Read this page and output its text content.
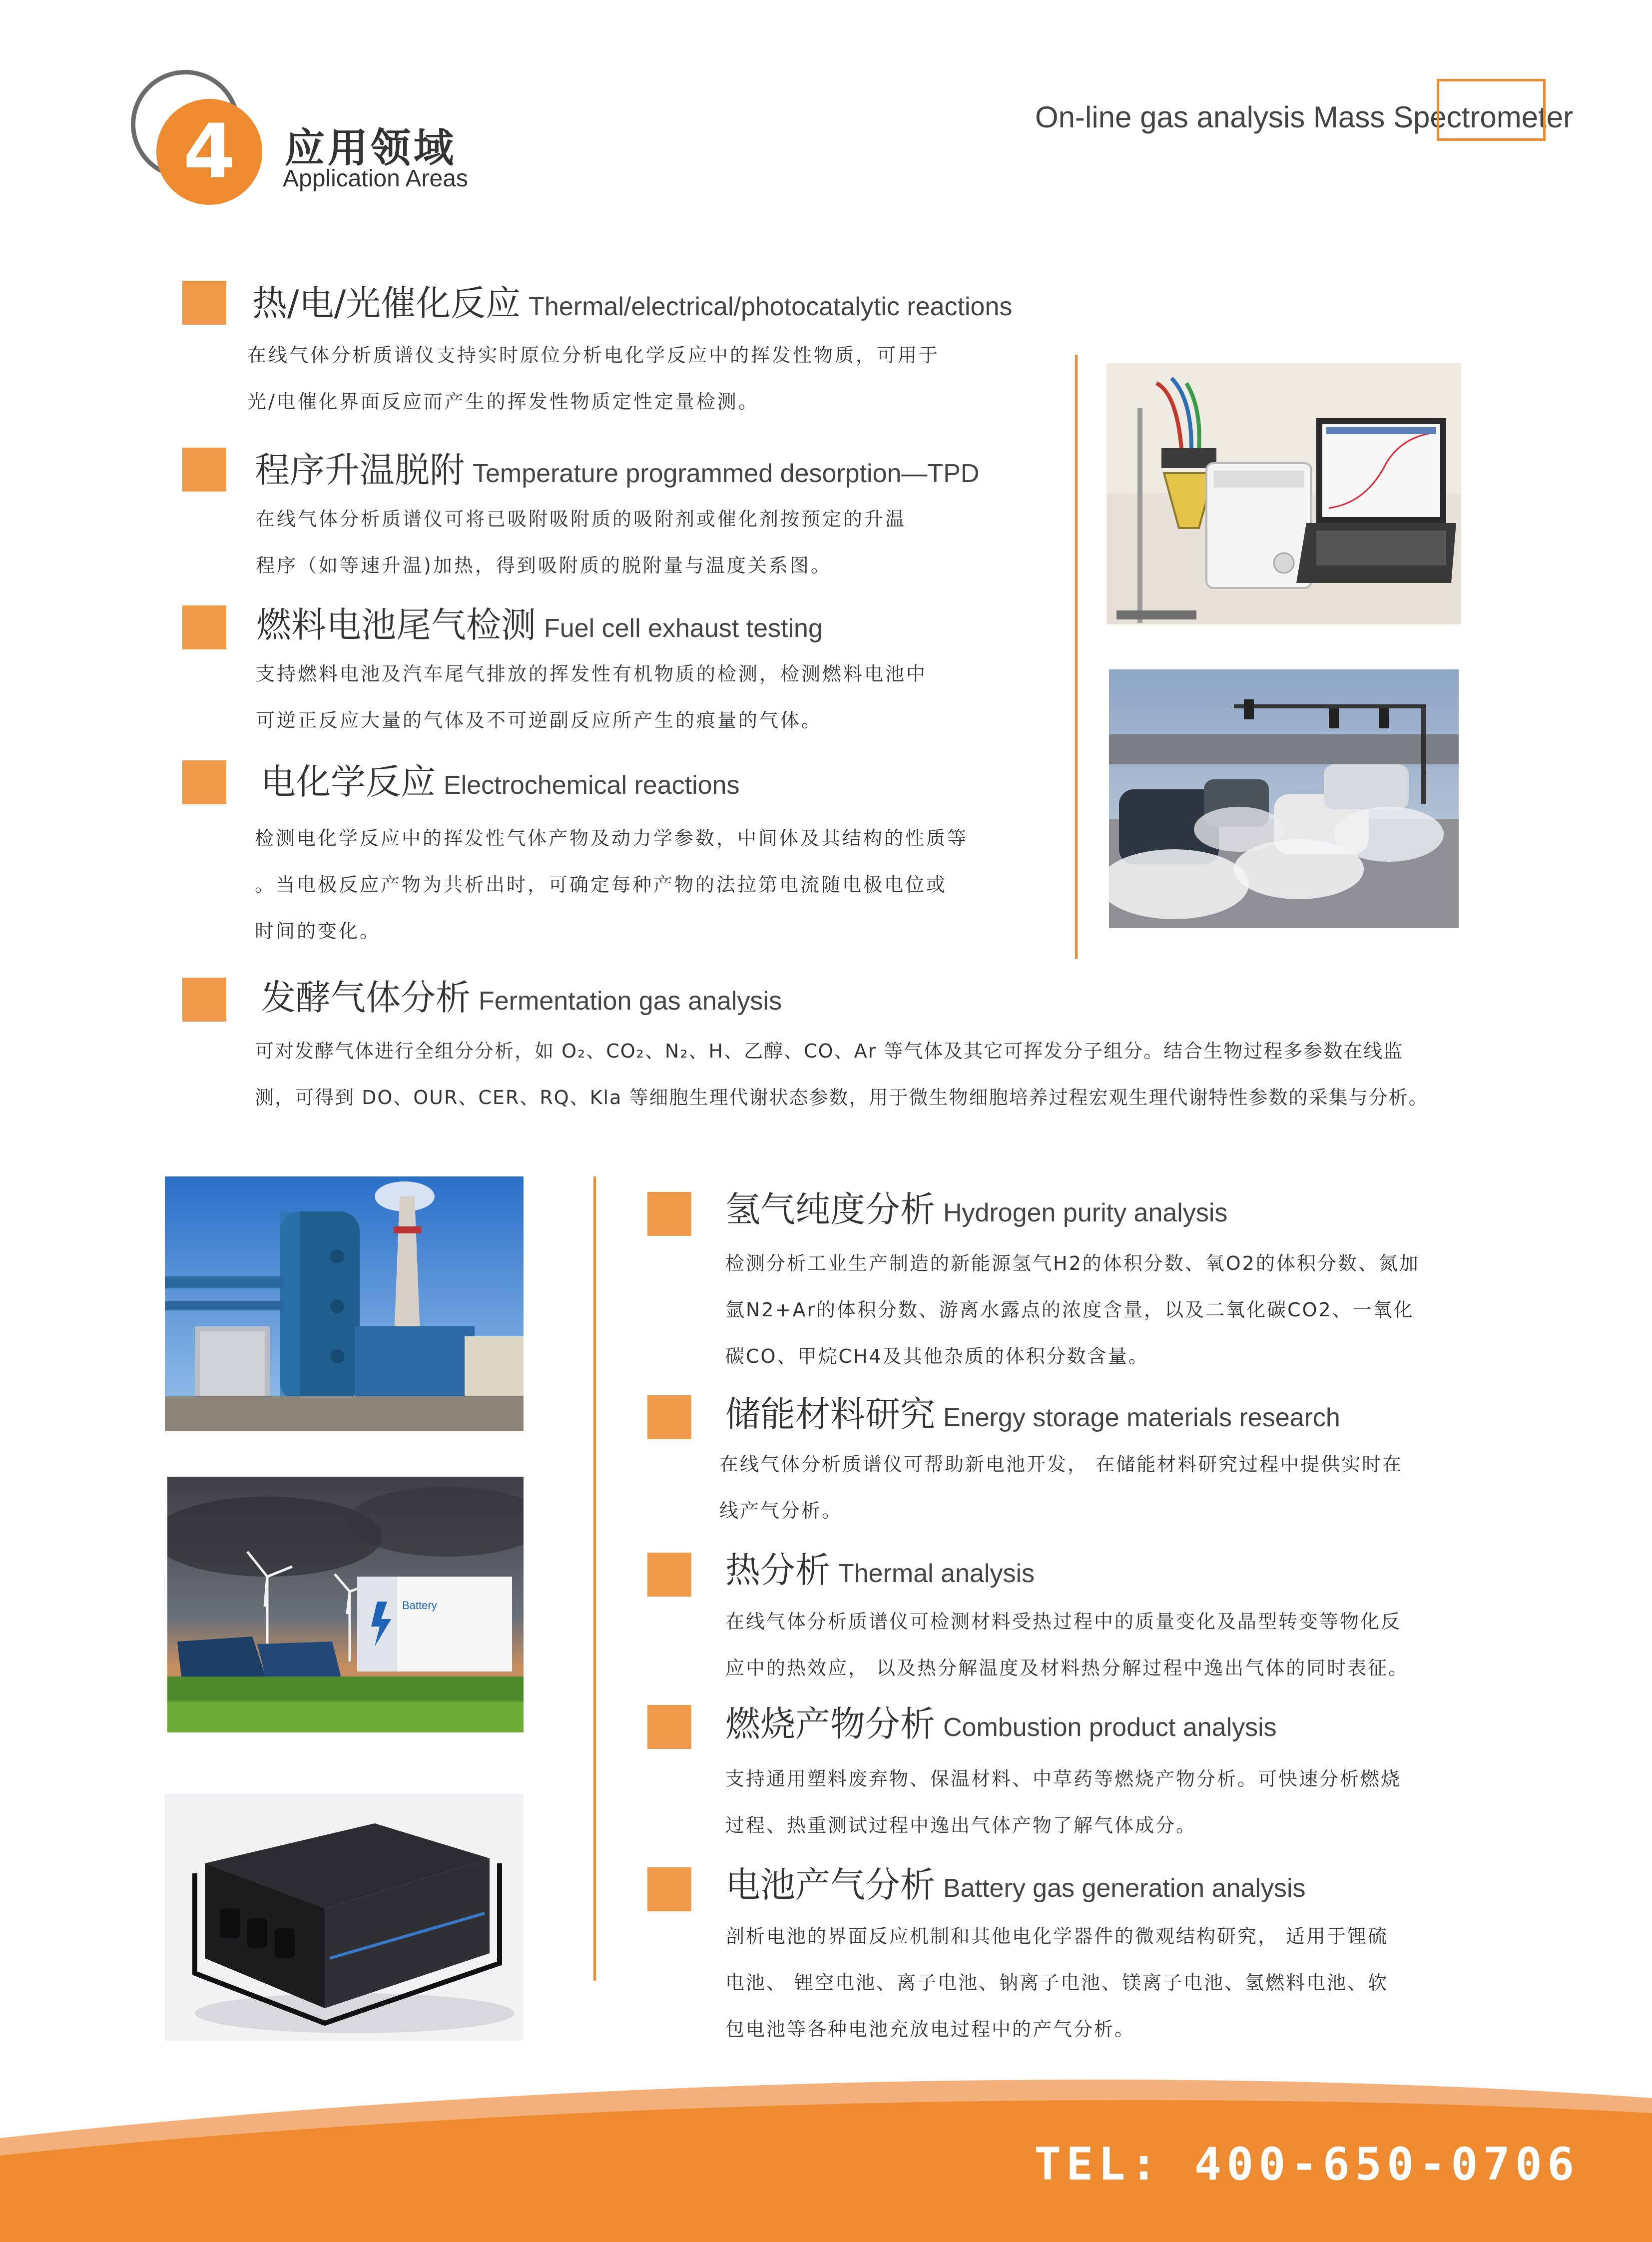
4	应用领域
Application Areas
On-line gas analysis Mass Spectrometer
热/电/光催化反应 Thermal/electrical/photocatalytic reactions
在线气体分析质谱仪支持实时原位分析电化学反应中的挥发性物质，可用于
光/电催化界面反应而产生的挥发性物质定性定量检测。
程序升温脱附 Temperature programmed desorption—TPD
在线气体分析质谱仪可将已吸附吸附质的吸附剂或催化剂按预定的升温
程序（如等速升温)加热，得到吸附质的脱附量与温度关系图。
燃料电池尾气检测 Fuel cell exhaust testing
支持燃料电池及汽车尾气排放的挥发性有机物质的检测，检测燃料电池中
可逆正反应大量的气体及不可逆副反应所产生的痕量的气体。
电化学反应 Electrochemical reactions
检测电化学反应中的挥发性气体产物及动力学参数，中间体及其结构的性质等
。当电极反应产物为共析出时，可确定每种产物的法拉第电流随电极电位或
时间的变化。
发酵气体分析 Fermentation gas analysis
可对发酵气体进行全组分分析，如 O₂、CO₂、N₂、H、乙醇、CO、Ar 等气体及其它可挥发分子组分。结合生物过程多参数在线监
测，可得到 DO、OUR、CER、RQ、Kla 等细胞生理代谢状态参数，用于微生物细胞培养过程宏观生理代谢特性参数的采集与分析。
Battery
氢气纯度分析 Hydrogen purity analysis
检测分析工业生产制造的新能源氢气H2的体积分数、氧O2的体积分数、氮加
氩N2+Ar的体积分数、游离水露点的浓度含量，以及二氧化碳CO2、一氧化
碳CO、甲烷CH4及其他杂质的体积分数含量。
储能材料研究 Energy storage materials research
在线气体分析质谱仪可帮助新电池开发， 在储能材料研究过程中提供实时在
线产气分析。
热分析 Thermal analysis
在线气体分析质谱仪可检测材料受热过程中的质量变化及晶型转变等物化反
应中的热效应， 以及热分解温度及材料热分解过程中逸出气体的同时表征。
燃烧产物分析 Combustion product analysis
支持通用塑料废弃物、保温材料、中草药等燃烧产物分析。可快速分析燃烧
过程、热重测试过程中逸出气体产物了解气体成分。
电池产气分析 Battery gas generation analysis
剖析电池的界面反应机制和其他电化学器件的微观结构研究， 适用于锂硫
电池、 锂空电池、离子电池、钠离子电池、镁离子电池、氢燃料电池、软
包电池等各种电池充放电过程中的产气分析。
TEL: 400-650-0706
